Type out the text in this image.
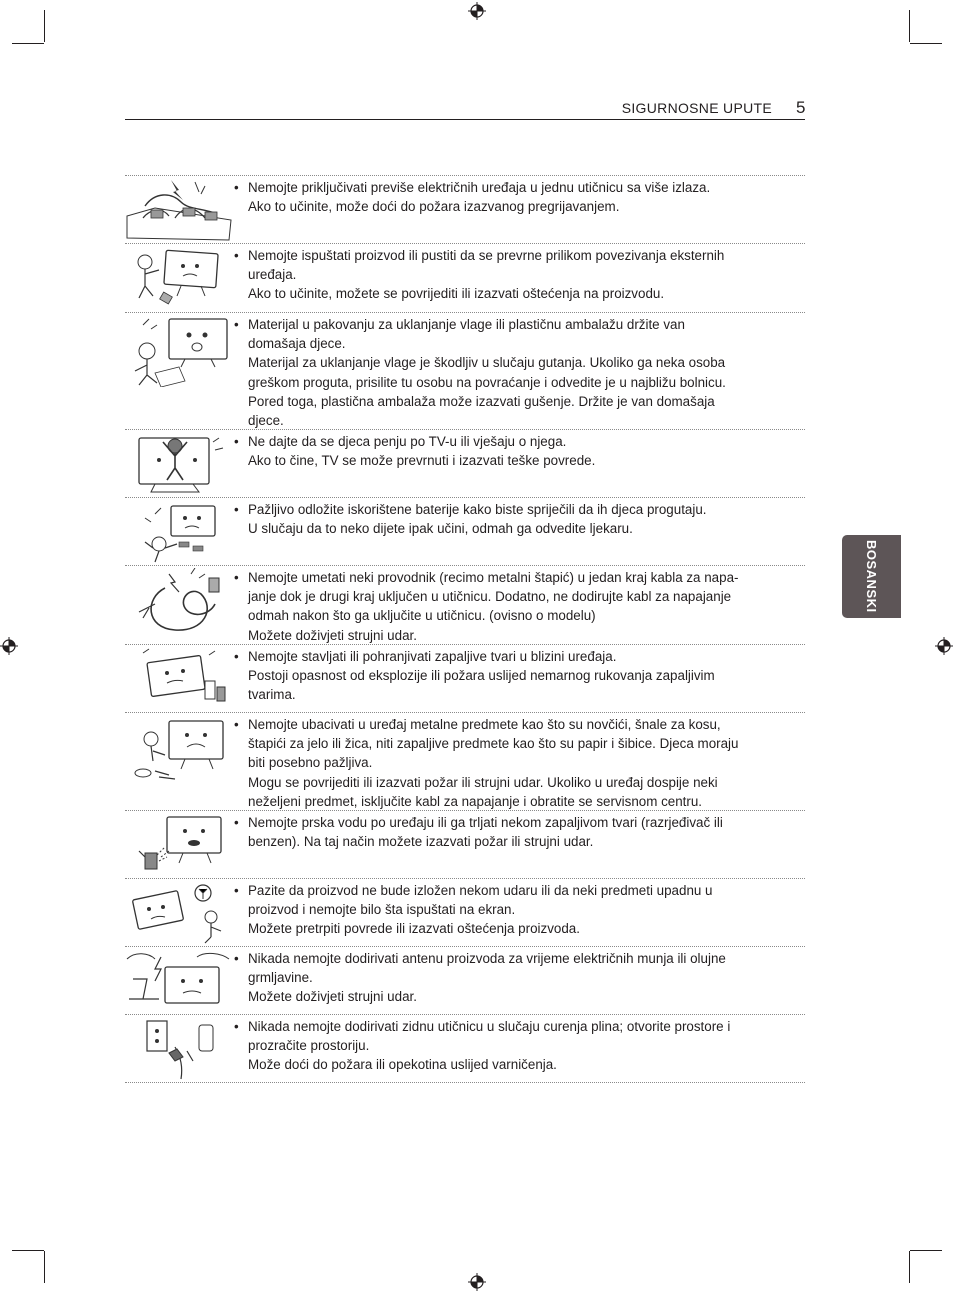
SIGURNOSNE UPUTE 5
BOSANSKI
• Nemojte priključivati previše električnih uređaja u jednu utičnicu sa više izlaza.
Ako to učinite, može doći do požara izazvanog pregrijavanjem.
• Nemojte ispuštati proizvod ili pustiti da se prevrne prilikom povezivanja eksternih
uređaja.
Ako to učinite, možete se povrijediti ili izazvati oštećenja na proizvodu.
• Materijal u pakovanju za uklanjanje vlage ili plastičnu ambalažu držite van
domašaja djece.
Materijal za uklanjanje vlage je škodljiv u slučaju gutanja. Ukoliko ga neka osoba
greškom proguta, prisilite tu osobu na povraćanje i odvedite je u najbližu bolnicu.
Pored toga, plastična ambalaža može izazvati gušenje. Držite je van domašaja
djece.
• Ne dajte da se djeca penju po TV-u ili vješaju o njega.
Ako to čine, TV se može prevrnuti i izazvati teške povrede.
• Pažljivo odložite iskorištene baterije kako biste spriječili da ih djeca progutaju.
U slučaju da to neko dijete ipak učini, odmah ga odvedite ljekaru.
• Nemojte umetati neki provodnik (recimo metalni štapić) u jedan kraj kabla za napa-
janje dok je drugi kraj uključen u utičnicu. Dodatno, ne dodirujte kabl za napajanje
odmah nakon što ga uključite u utičnicu. (ovisno o modelu)
Možete doživjeti strujni udar.
• Nemojte stavljati ili pohranjivati zapaljive tvari u blizini uređaja.
Postoji opasnost od eksplozije ili požara uslijed nemarnog rukovanja zapaljivim
tvarima.
• Nemojte ubacivati u uređaj metalne predmete kao što su novčići, šnale za kosu,
štapići za jelo ili žica, niti zapaljive predmete kao što su papir i šibice. Djeca moraju
biti posebno pažljiva.
Mogu se povrijediti ili izazvati požar ili strujni udar. Ukoliko u uređaj dospije neki
neželjeni predmet, isključite kabl za napajanje i obratite se servisnom centru.
• Nemojte prska vodu po uređaju ili ga trljati nekom zapaljivom tvari (razrjeđivač ili
benzen). Na taj način možete izazvati požar ili strujni udar.
• Pazite da proizvod ne bude izložen nekom udaru ili da neki predmeti upadnu u
proizvod i nemojte bilo šta ispuštati na ekran.
Možete pretrpiti povrede ili izazvati oštećenja proizvoda.
• Nikada nemojte dodirivati antenu proizvoda za vrijeme električnih munja ili olujne
grmljavine.
Možete doživjeti strujni udar.
• Nikada nemojte dodirivati zidnu utičnicu u slučaju curenja plina; otvorite prostore i
prozračite prostoriju.
Može doći do požara ili opekotina uslijed varničenja.
